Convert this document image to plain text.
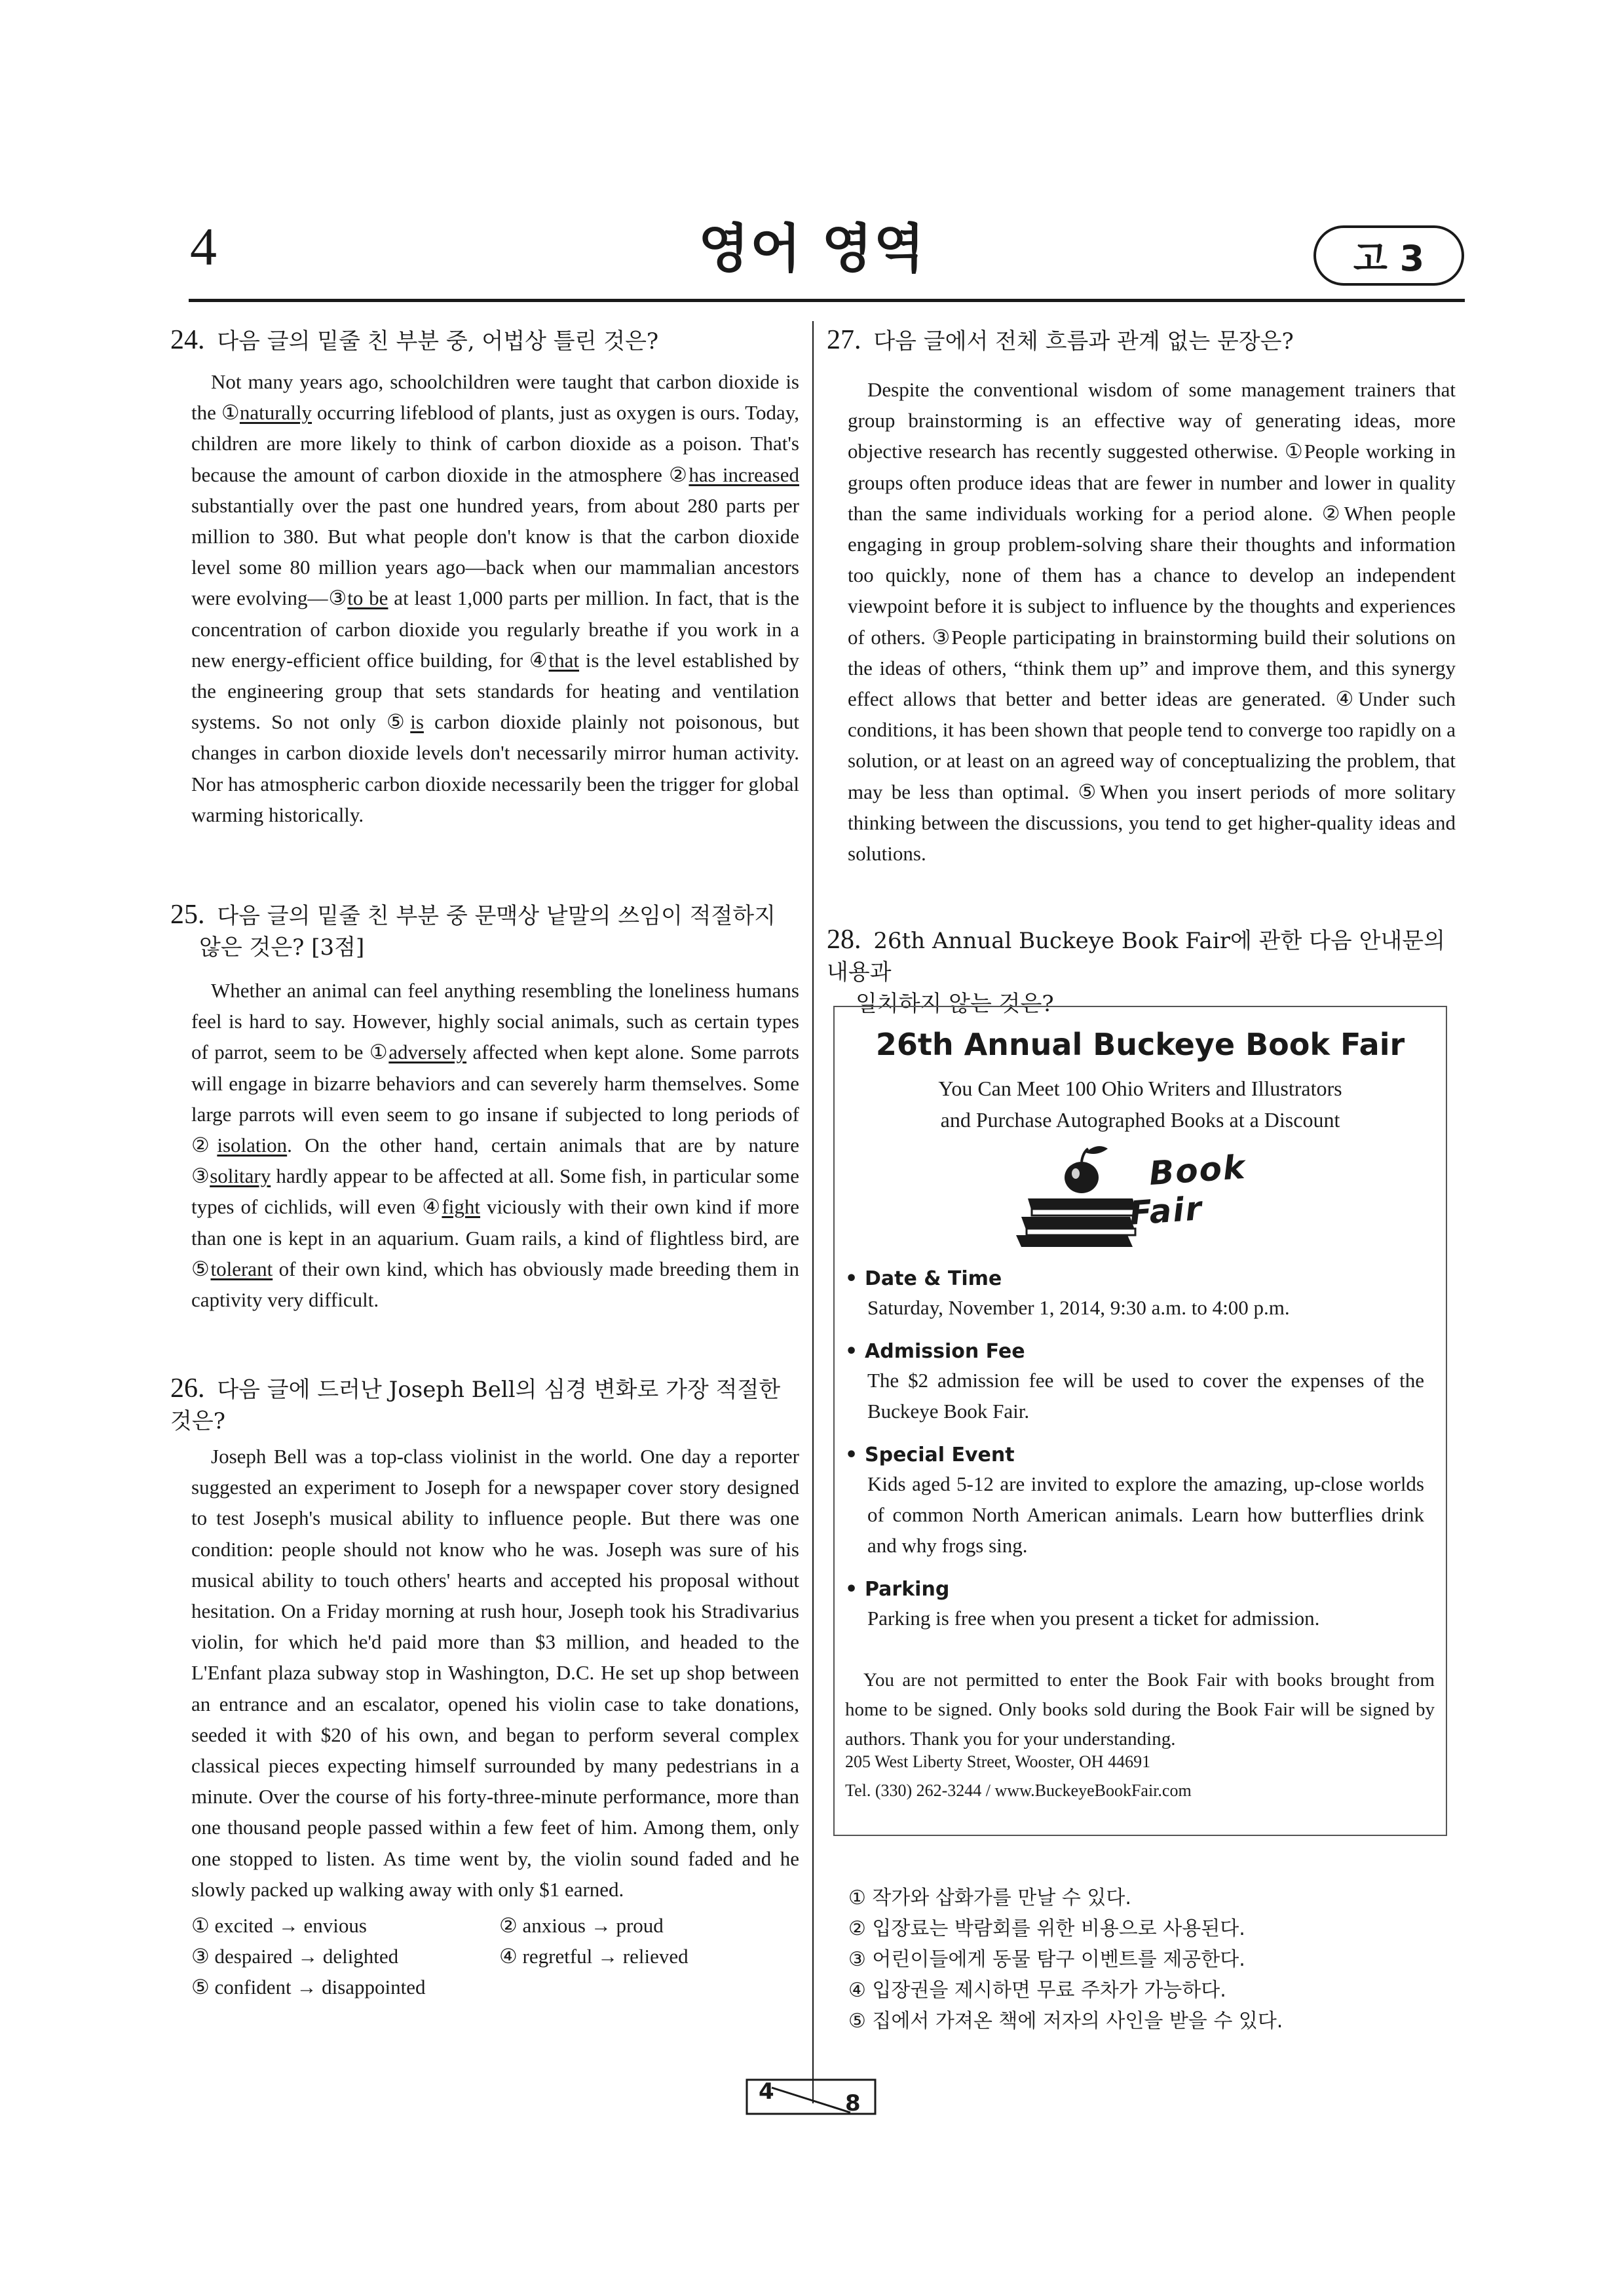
4	영어 영역	고 3
24. 다음 글의 밑줄 친 부분 중, 어법상 틀린 것은?

Not many years ago, schoolchildren were taught that carbon dioxide is the ①naturally occurring lifeblood of plants, just as oxygen is ours. Today, children are more likely to think of carbon dioxide as a poison. That's because the amount of carbon dioxide in the atmosphere ②has increased substantially over the past one hundred years, from about 280 parts per million to 380. But what people don't know is that the carbon dioxide level some 80 million years ago—back when our mammalian ancestors were evolving—③to be at least 1,000 parts per million. In fact, that is the concentration of carbon dioxide you regularly breathe if you work in a new energy-efficient office building, for ④that is the level established by the engineering group that sets standards for heating and ventilation systems. So not only ⑤is carbon dioxide plainly not poisonous, but changes in carbon dioxide levels don't necessarily mirror human activity. Nor has atmospheric carbon dioxide necessarily been the trigger for global warming historically.

25. 다음 글의 밑줄 친 부분 중 문맥상 낱말의 쓰임이 적절하지
않은 것은? [3점]

Whether an animal can feel anything resembling the loneliness humans feel is hard to say. However, highly social animals, such as certain types of parrot, seem to be ①adversely affected when kept alone. Some parrots will engage in bizarre behaviors and can severely harm themselves. Some large parrots will even seem to go insane if subjected to long periods of ②isolation. On the other hand, certain animals that are by nature ③solitary hardly appear to be affected at all. Some fish, in particular some types of cichlids, will even ④fight viciously with their own kind if more than one is kept in an aquarium. Guam rails, a kind of flightless bird, are ⑤tolerant of their own kind, which has obviously made breeding them in captivity very difficult.

26. 다음 글에 드러난 Joseph Bell의 심경 변화로 가장 적절한 것은?

Joseph Bell was a top-class violinist in the world. One day a reporter suggested an experiment to Joseph for a newspaper cover story designed to test Joseph's musical ability to influence people. But there was one condition: people should not know who he was. Joseph was sure of his musical ability to touch others' hearts and accepted his proposal without hesitation. On a Friday morning at rush hour, Joseph took his Stradivarius violin, for which he'd paid more than $3 million, and headed to the L'Enfant plaza subway stop in Washington, D.C. He set up shop between an entrance and an escalator, opened his violin case to take donations, seeded it with $20 of his own, and began to perform several complex classical pieces expecting himself surrounded by many pedestrians in a minute. Over the course of his forty-three-minute performance, more than one thousand people passed within a few feet of him. Among them, only one stopped to listen. As time went by, the violin sound faded and he slowly packed up walking away with only $1 earned.

① excited → envious	② anxious → proud
③ despaired → delighted	④ regretful → relieved
⑤ confident → disappointed
27. 다음 글에서 전체 흐름과 관계 없는 문장은?

Despite the conventional wisdom of some management trainers that group brainstorming is an effective way of generating ideas, more objective research has recently suggested otherwise. ①People working in groups often produce ideas that are fewer in number and lower in quality than the same individuals working for a period alone. ②When people engaging in group problem-solving share their thoughts and information too quickly, none of them has a chance to develop an independent viewpoint before it is subject to influence by the thoughts and experiences of others. ③People participating in brainstorming build their solutions on the ideas of others, “think them up” and improve them, and this synergy effect allows that better and better ideas are generated. ④Under such conditions, it has been shown that people tend to converge too rapidly on a solution, or at least on an agreed way of conceptualizing the problem, that may be less than optimal. ⑤When you insert periods of more solitary thinking between the discussions, you tend to get higher-quality ideas and solutions.

28. 26th Annual Buckeye Book Fair에 관한 다음 안내문의 내용과
일치하지 않는 것은?
26th Annual Buckeye Book Fair
You Can Meet 100 Ohio Writers and Illustrators
and Purchase Autographed Books at a Discount
Book
Fair
• Date & Time
Saturday, November 1, 2014, 9:30 a.m. to 4:00 p.m.
• Admission Fee
The $2 admission fee will be used to cover the expenses of the Buckeye Book Fair.
• Special Event
Kids aged 5-12 are invited to explore the amazing, up-close worlds of common North American animals. Learn how butterflies drink and why frogs sing.
• Parking
Parking is free when you present a ticket for admission.
You are not permitted to enter the Book Fair with books brought from home to be signed. Only books sold during the Book Fair will be signed by authors. Thank you for your understanding.
205 West Liberty Street, Wooster, OH 44691
Tel. (330) 262-3244 / www.BuckeyeBookFair.com
① 작가와 삽화가를 만날 수 있다.
② 입장료는 박람회를 위한 비용으로 사용된다.
③ 어린이들에게 동물 탐구 이벤트를 제공한다.
④ 입장권을 제시하면 무료 주차가 가능하다.
⑤ 집에서 가져온 책에 저자의 사인을 받을 수 있다.
4	8
